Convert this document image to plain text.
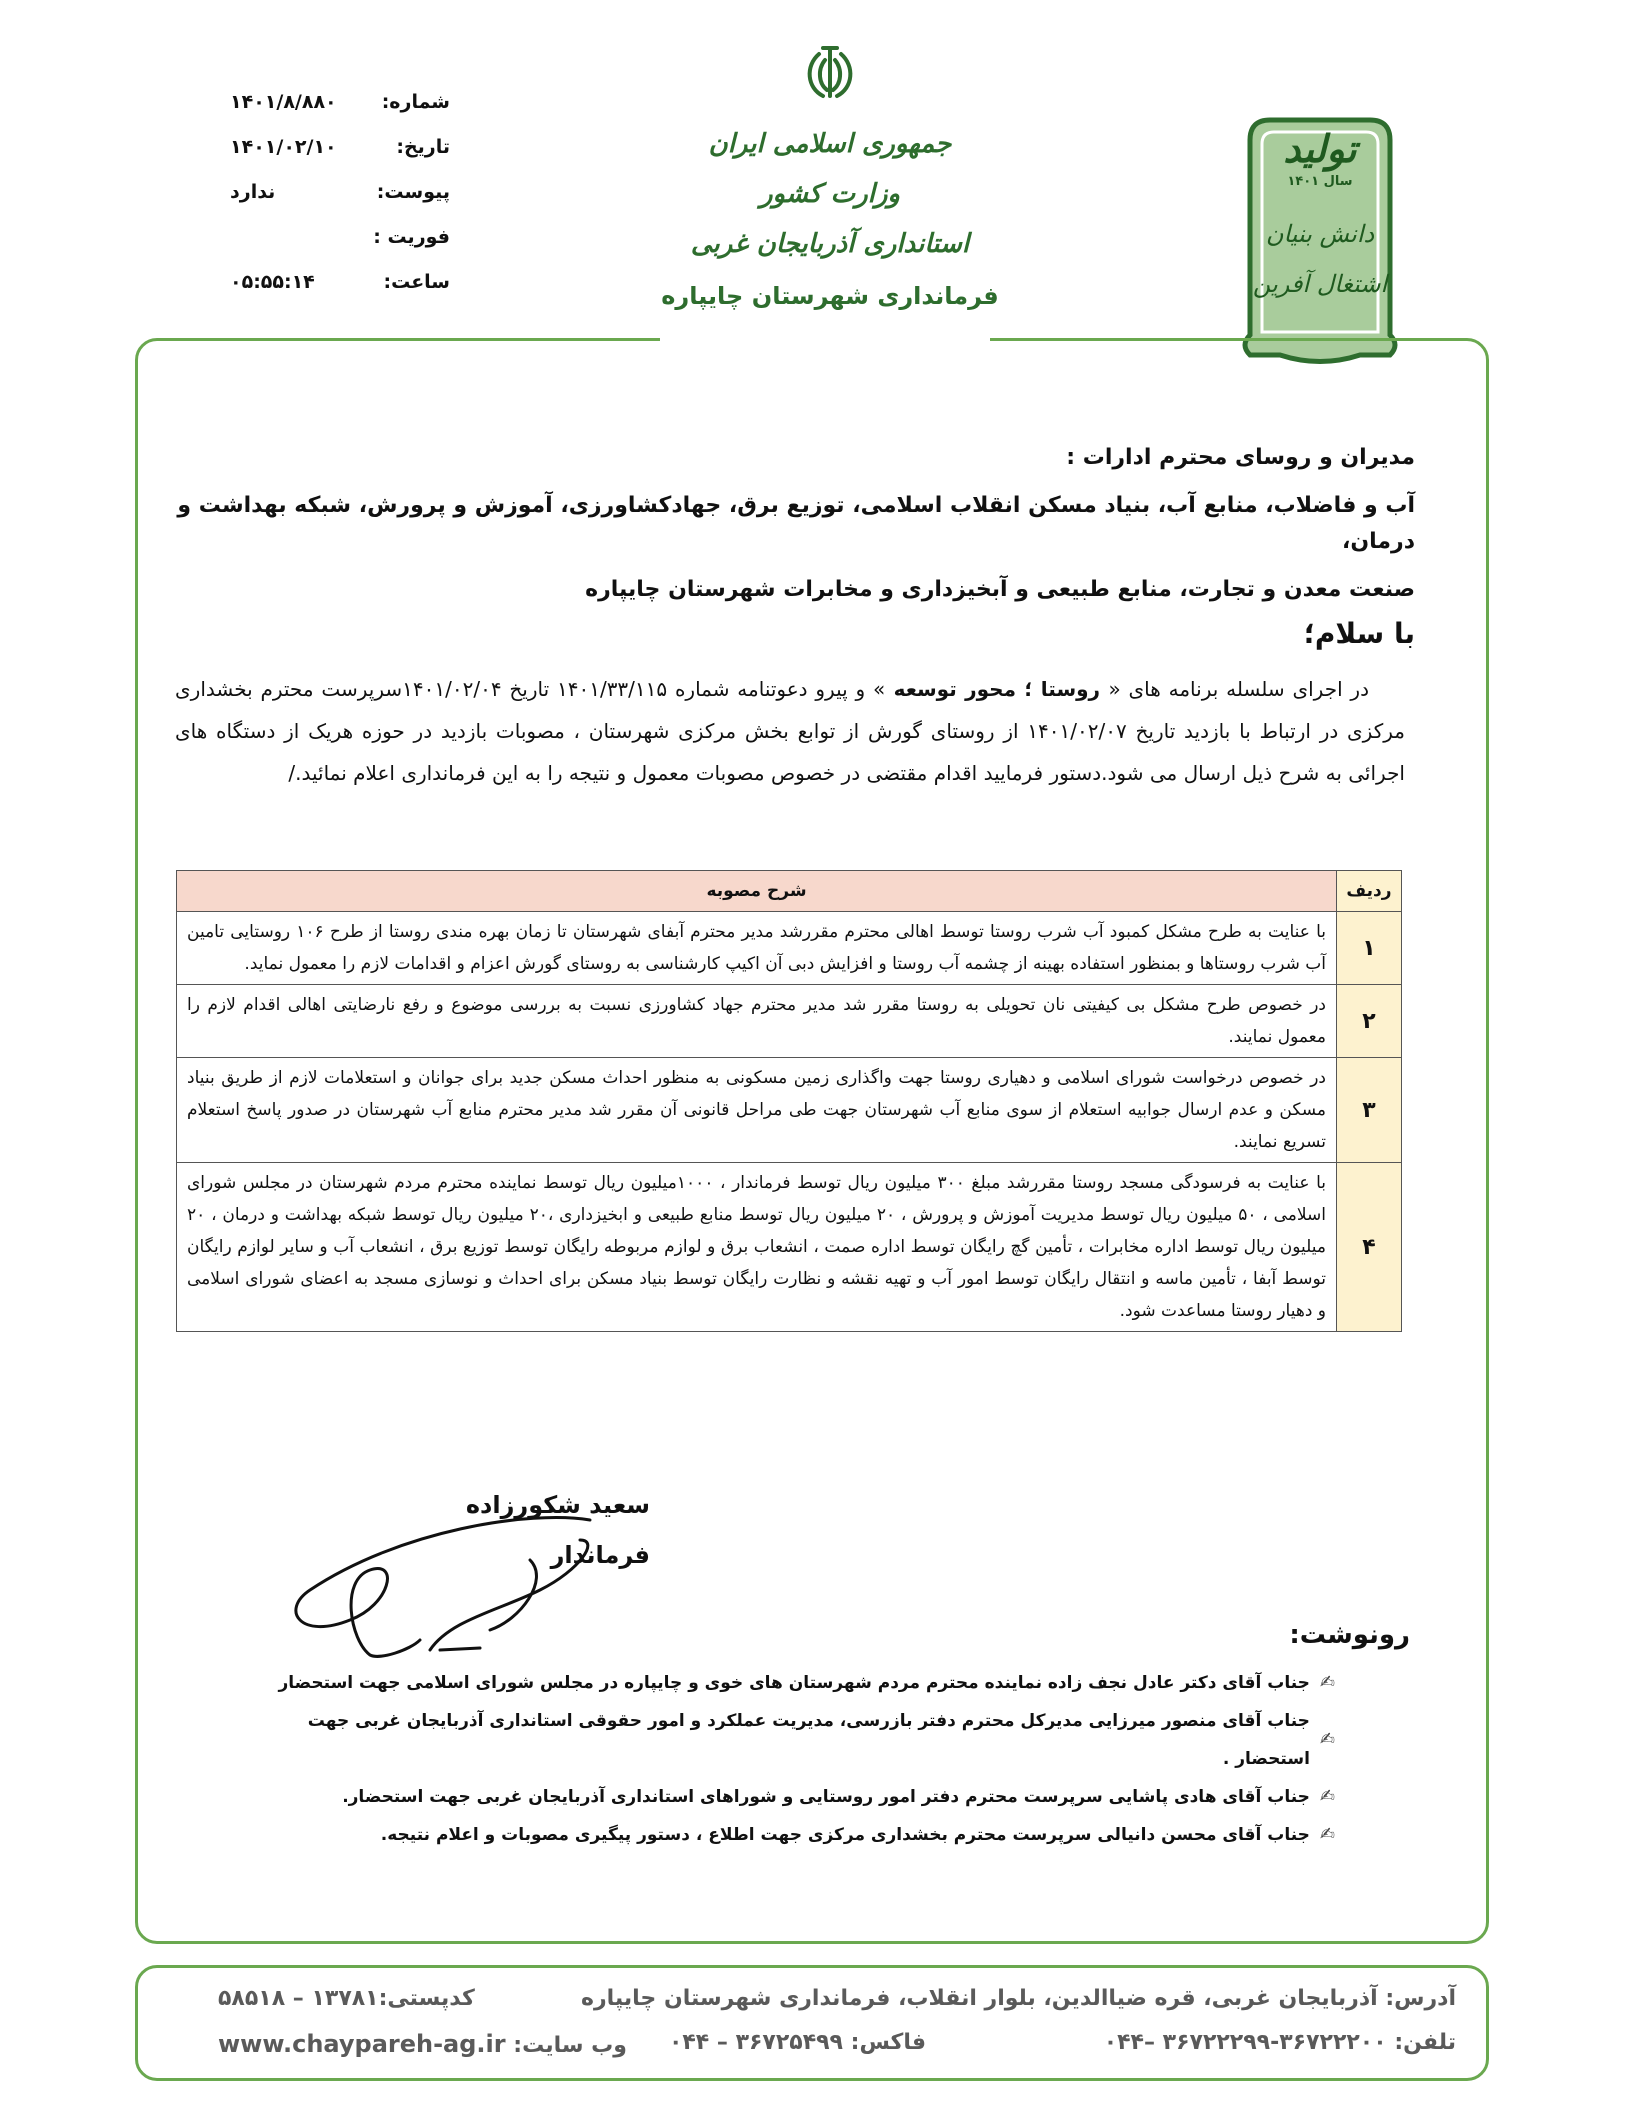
شماره:
۱۴۰۱/۸/۸۸۰
تاریخ:
۱۴۰۱/۰۲/۱۰
پیوست:
ندارد
فوریت :
ساعت:
۰۵:۵۵:۱۴
جمهوری اسلامی ایران
وزارت کشور
استانداری آذربایجان غربی
فرمانداری شهرستان چایپاره
تولید
سال ۱۴۰۱
دانش بنیان
اشتغال آفرین
مدیران و روسای محترم ادارات :
آب و فاضلاب، منابع آب، بنیاد مسکن انقلاب اسلامی، توزیع برق، جهادکشاورزی، آموزش و پرورش، شبکه بهداشت و درمان،
صنعت معدن و تجارت، منابع طبیعی و آبخیزداری و مخابرات شهرستان چایپاره
با سلام؛
در اجرای سلسله برنامه های « روستا ؛ محور توسعه » و پیرو دعوتنامه شماره ۱۴۰۱/۳۳/۱۱۵ تاریخ ۱۴۰۱/۰۲/۰۴سرپرست محترم بخشداری مرکزی در ارتباط با بازدید تاریخ ۱۴۰۱/۰۲/۰۷ از روستای گورش از توابع بخش مرکزی شهرستان ، مصوبات بازدید در حوزه هریک از دستگاه های اجرائی به شرح ذیل ارسال می شود.دستور فرمایید اقدام مقتضی در خصوص مصوبات معمول و نتیجه را به این فرمانداری اعلام نمائید./
ردیف	شرح مصوبه
۱	با عنایت به طرح مشکل کمبود آب شرب روستا توسط اهالی محترم مقررشد مدیر محترم آبفای شهرستان تا زمان بهره مندی روستا از طرح ۱۰۶ روستایی تامین آب شرب روستاها و بمنظور استفاده بهینه از چشمه آب روستا و افزایش دبی آن اکیپ کارشناسی به روستای گورش اعزام و اقدامات لازم را معمول نماید.
۲	در خصوص طرح مشکل بی کیفیتی نان تحویلی به روستا مقرر شد مدیر محترم جهاد کشاورزی نسبت به بررسی موضوع و رفع نارضایتی اهالی اقدام لازم را معمول نمایند.
۳	در خصوص درخواست شورای اسلامی و دهیاری روستا جهت واگذاری زمین مسکونی به منظور احداث مسکن جدید برای جوانان و استعلامات لازم از طریق بنیاد مسکن و عدم ارسال جوابیه استعلام از سوی منابع آب شهرستان جهت طی مراحل قانونی آن مقرر شد مدیر محترم منابع آب شهرستان در صدور پاسخ استعلام تسریع نمایند.
۴	با عنایت به فرسودگی مسجد روستا مقررشد مبلغ ۳۰۰ میلیون ریال توسط فرماندار ، ۱۰۰۰میلیون ریال توسط نماینده محترم مردم شهرستان در مجلس شورای اسلامی ، ۵۰ میلیون ریال توسط مدیریت آموزش و پرورش ، ۲۰ میلیون ریال توسط منابع طبیعی و ابخیزداری ،۲۰ میلیون ریال توسط شبکه بهداشت و درمان ، ۲۰ میلیون ریال توسط اداره مخابرات ، تأمین گچ رایگان توسط اداره صمت ، انشعاب برق و لوازم مربوطه رایگان توسط توزیع برق ، انشعاب آب و سایر لوازم رایگان توسط آبفا ، تأمین ماسه و انتقال رایگان توسط امور آب و تهیه نقشه و نظارت رایگان توسط بنیاد مسکن برای احداث و نوسازی مسجد به اعضای شورای اسلامی و دهیار روستا مساعدت شود.
سعید شکورزاده
فرماندار
رونوشت:
✍
جناب آقای دکتر عادل نجف زاده نماینده محترم مردم شهرستان های خوی و چایپاره در مجلس شورای اسلامی جهت استحضار
✍
جناب آقای منصور میرزایی مدیرکل محترم دفتر بازرسی، مدیریت عملکرد و امور حقوقی استانداری آذربایجان غربی جهت استحضار .
✍
جناب آقای هادی پاشایی سرپرست محترم دفتر امور روستایی و شوراهای استانداری آذربایجان غربی جهت استحضار.
✍
جناب آقای محسن دانیالی سرپرست محترم بخشداری مرکزی جهت اطلاع ، دستور پیگیری مصوبات و اعلام نتیجه.
آدرس: آذربایجان غربی، قره ضیاالدین، بلوار انقلاب، فرمانداری شهرستان چایپاره
کدپستی:۱۳۷۸۱ – ۵۸۵۱۸
تلفن: ۳۶۷۲۲۲۰۰-۳۶۷۲۲۲۹۹ –۰۴۴
فاکس: ۳۶۷۲۵۴۹۹ – ۰۴۴
وب سایت: www.chaypareh-ag.ir
